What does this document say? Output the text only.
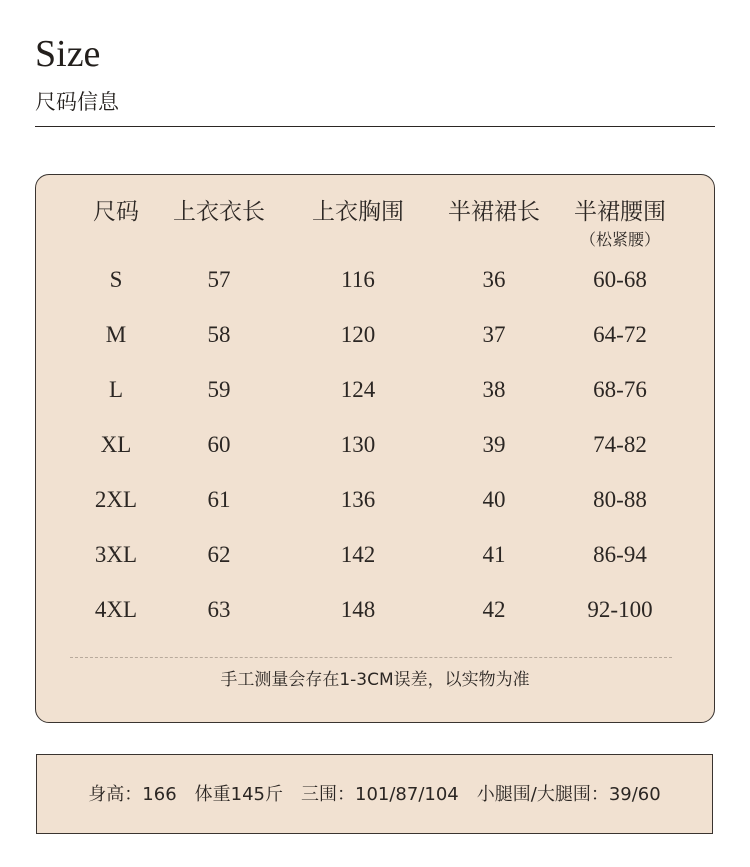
Size
尺码信息
尺码 上衣衣长 上衣胸围 半裙裙长 半裙腰围
（松紧腰）
S	57	116	36	60-68
M	58	120	37	64-72
L	59	124	38	68-76
XL	60	130	39	74-82
2XL	61	136	40	80-88
3XL	62	142	41	86-94
4XL	63	148	42	92-100
手工测量会存在1-3CM误差，以实物为准
身高：166　体重145斤　三围：101/87/104　小腿围/大腿围：39/60
